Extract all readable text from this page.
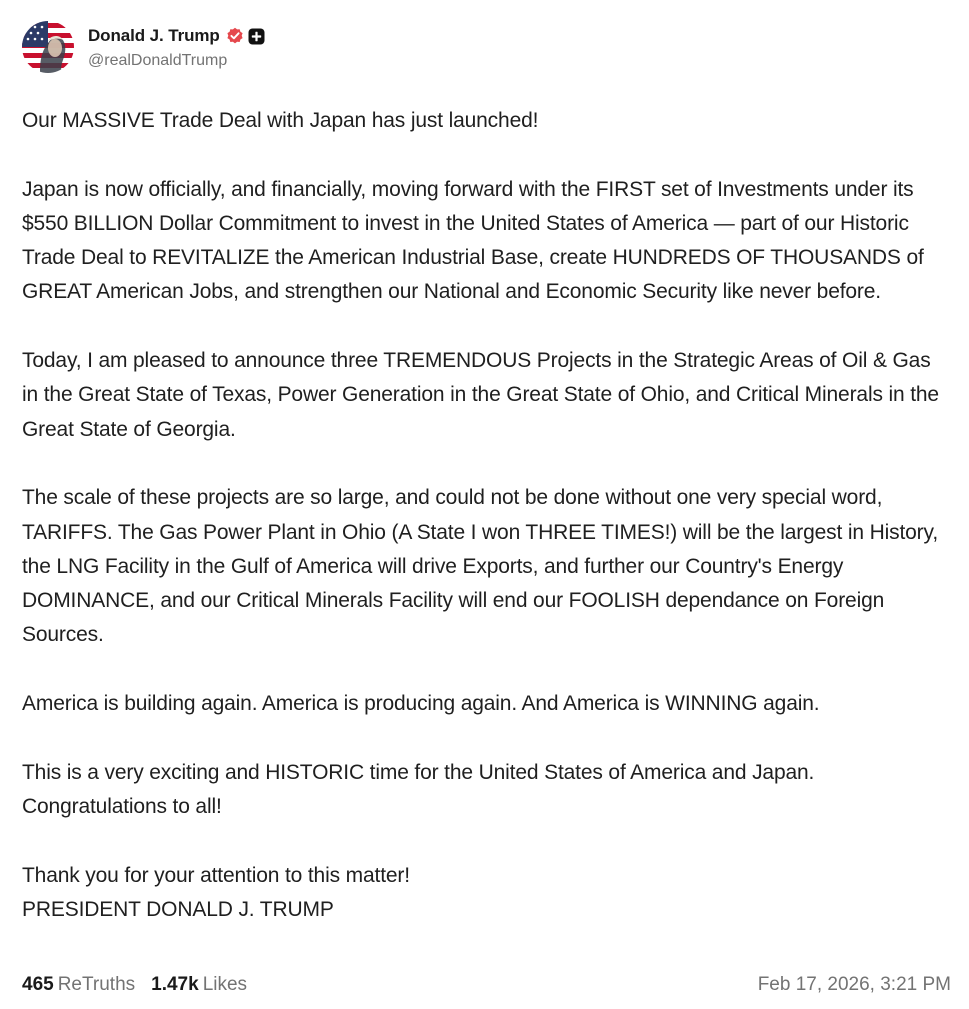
Donald J. Trump
@realDonaldTrump

Our MASSIVE Trade Deal with Japan has just launched!

Japan is now officially, and financially, moving forward with the FIRST set of Investments under its $550 BILLION Dollar Commitment to invest in the United States of America — part of our Historic Trade Deal to REVITALIZE the American Industrial Base, create HUNDREDS OF THOUSANDS of GREAT American Jobs, and strengthen our National and Economic Security like never before.

Today, I am pleased to announce three TREMENDOUS Projects in the Strategic Areas of Oil & Gas in the Great State of Texas, Power Generation in the Great State of Ohio, and Critical Minerals in the Great State of Georgia.

The scale of these projects are so large, and could not be done without one very special word, TARIFFS. The Gas Power Plant in Ohio (A State I won THREE TIMES!) will be the largest in History, the LNG Facility in the Gulf of America will drive Exports, and further our Country's Energy DOMINANCE, and our Critical Minerals Facility will end our FOOLISH dependance on Foreign Sources.

America is building again. America is producing again. And America is WINNING again.

This is a very exciting and HISTORIC time for the United States of America and Japan. Congratulations to all!

Thank you for your attention to this matter!
PRESIDENT DONALD J. TRUMP

465 ReTruths 1.47k Likes	Feb 17, 2026, 3:21 PM
